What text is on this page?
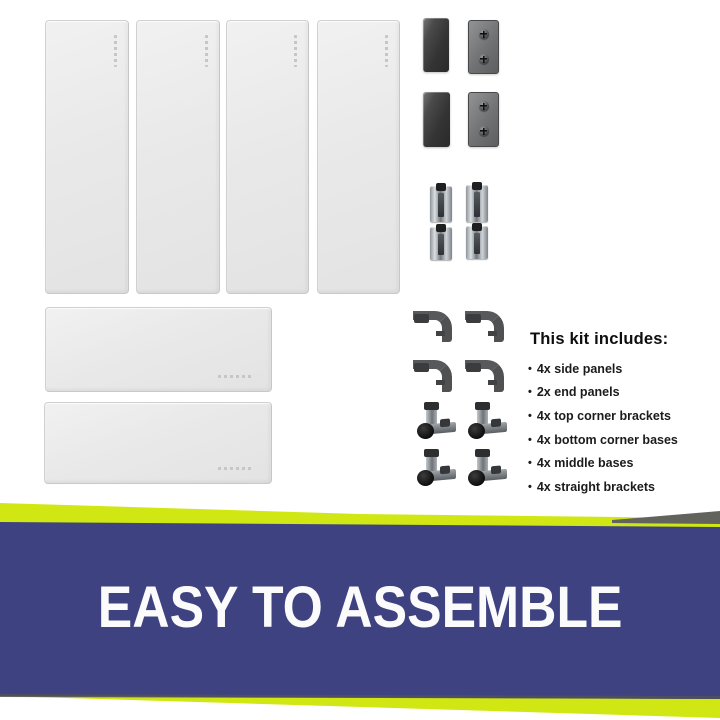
This kit includes:
• 4x side panels
• 2x end panels
• 4x top corner brackets
• 4x bottom corner bases
• 4x middle bases
• 4x straight brackets
EASY TO ASSEMBLE
